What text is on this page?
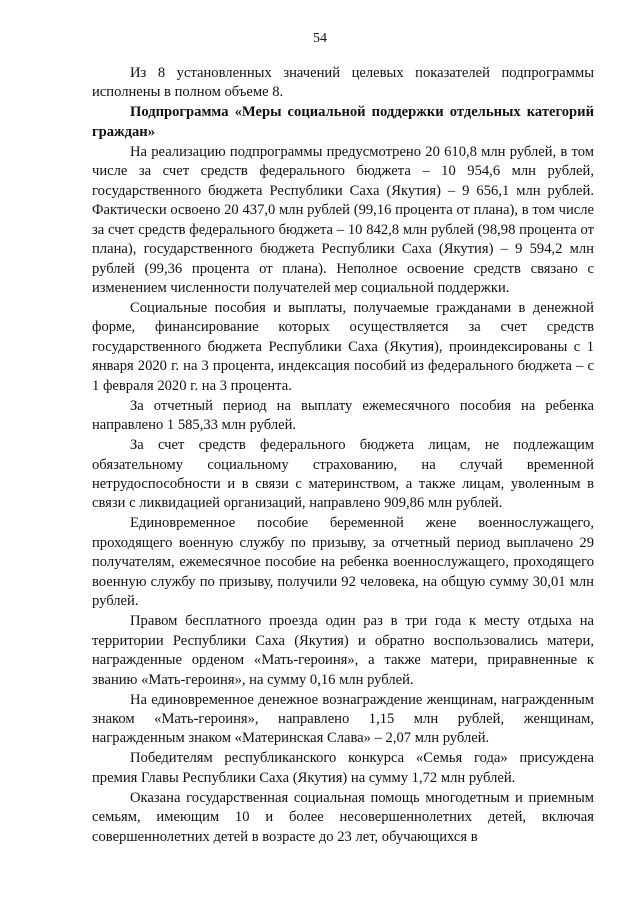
54

Из 8 установленных значений целевых показателей подпрограммы исполнены в полном объеме 8.

Подпрограмма «Меры социальной поддержки отдельных категорий граждан»

На реализацию подпрограммы предусмотрено 20 610,8 млн рублей, в том числе за счет средств федерального бюджета – 10 954,6 млн рублей, государственного бюджета Республики Саха (Якутия) – 9 656,1 млн рублей. Фактически освоено 20 437,0 млн рублей (99,16 процента от плана), в том числе за счет средств федерального бюджета – 10 842,8 млн рублей (98,98 процента от плана), государственного бюджета Республики Саха (Якутия) – 9 594,2 млн рублей (99,36 процента от плана). Неполное освоение средств связано с изменением численности получателей мер социальной поддержки.

Социальные пособия и выплаты, получаемые гражданами в денежной форме, финансирование которых осуществляется за счет средств государственного бюджета Республики Саха (Якутия), проиндексированы с 1 января 2020 г. на 3 процента, индексация пособий из федерального бюджета – с 1 февраля 2020 г. на 3 процента.

За отчетный период на выплату ежемесячного пособия на ребенка направлено 1 585,33 млн рублей.

За счет средств федерального бюджета лицам, не подлежащим обязательному социальному страхованию, на случай временной нетрудоспособности и в связи с материнством, а также лицам, уволенным в связи с ликвидацией организаций, направлено 909,86 млн рублей.

Единовременное пособие беременной жене военнослужащего, проходящего военную службу по призыву, за отчетный период выплачено 29 получателям, ежемесячное пособие на ребенка военнослужащего, проходящего военную службу по призыву, получили 92 человека, на общую сумму 30,01 млн рублей.

Правом бесплатного проезда один раз в три года к месту отдыха на территории Республики Саха (Якутия) и обратно воспользовались матери, награжденные орденом «Мать-героиня», а также матери, приравненные к званию «Мать-героиня», на сумму 0,16 млн рублей.

На единовременное денежное вознаграждение женщинам, награжденным знаком «Мать-героиня», направлено 1,15 млн рублей, женщинам, награжденным знаком «Материнская Слава» – 2,07 млн рублей.

Победителям республиканского конкурса «Семья года» присуждена премия Главы Республики Саха (Якутия) на сумму 1,72 млн рублей.

Оказана государственная социальная помощь многодетным и приемным семьям, имеющим 10 и более несовершеннолетних детей, включая совершеннолетних детей в возрасте до 23 лет, обучающихся в
